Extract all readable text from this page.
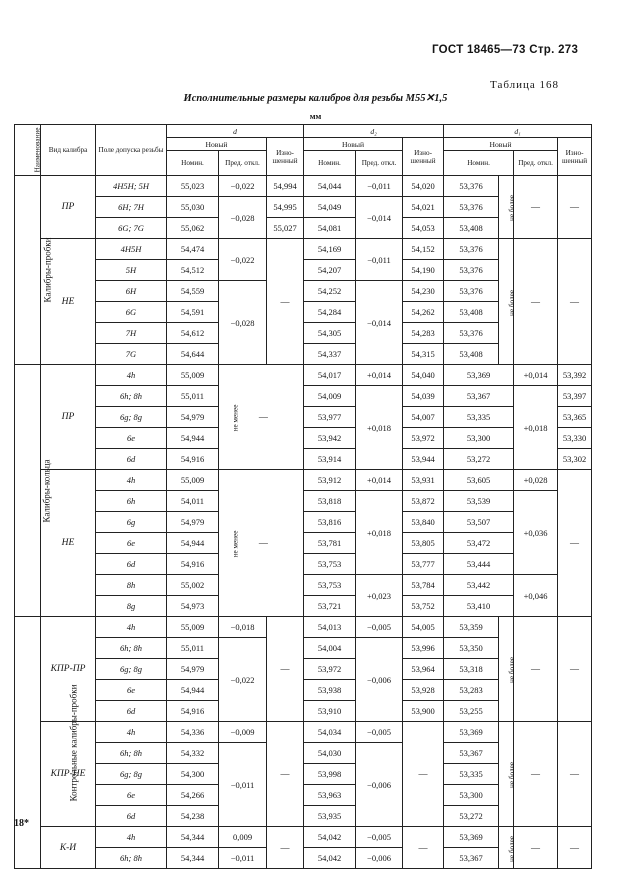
ГОСТ 18465—73 Стр. 273
Таблица 168
Исполнительные размеры калибров для резьбы М55✕1,5
мм
Наименование	Вид калибра	Поле допуска резьбы	d			d₂			d₁			
			Новый		Изно-шенный	Новый		Изно-шенный	Новый			Изно-шенный
			Номин.	Пред. откл.		Номин.	Пред. откл.		Номин.		Пред. откл.	
Калибры-пробки	ПР	4H5H; 5H	55,023	−0,022	54,994	54,044	−0,011	54,020	53,376	не более	—	—
		6H; 7H	55,030	−0,028	54,995	54,049	−0,014	54,021	53,376			
		6G; 7G	55,062		55,027	54,081		54,053	53,408			
	НЕ	4H5H	54,474	−0,022	—	54,169	−0,011	54,152	53,376	не более	—	—
		5H	54,512			54,207		54,190	53,376			
		6H	54,559	−0,028		54,252	−0,014	54,230	53,376			
		6G	54,591			54,284		54,262	53,408			
		7H	54,612			54,305		54,283	53,376			
		7G	54,644			54,337		54,315	53,408			
Калибры-кольца	ПР	4h	55,009	не менее —		54,017	+0,014	54,040	53,369		+0,014	53,392
		6h; 8h	55,011			54,009	+0,018	54,039	53,367		+0,018	53,397
		6g; 8g	54,979			53,977		54,007	53,335			53,365
		6e	54,944			53,942		53,972	53,300			53,330
		6d	54,916			53,914		53,944	53,272			53,302
	НЕ	4h	55,009	не менее —		53,912	+0,014	53,931	53,605		+0,028	—
		6h	54,011			53,818	+0,018	53,872	53,539		+0,036	
		6g	54,979			53,816		53,840	53,507			
		6e	54,944			53,781		53,805	53,472			
		6d	54,916			53,753		53,777	53,444			
		8h	55,002			53,753	+0,023	53,784	53,442		+0,046	
		8g	54,973			53,721		53,752	53,410			
Контрольные калибры-пробки	КПР-ПР	4h	55,009	−0,018	—	54,013	−0,005	54,005	53,359	не более	—	—
		6h; 8h	55,011	−0,022		54,004	−0,006	53,996	53,350			
		6g; 8g	54,979			53,972		53,964	53,318			
		6e	54,944			53,938		53,928	53,283			
		6d	54,916			53,910		53,900	53,255			
	КПР-НЕ	4h	54,336	−0,009	—	54,034	−0,005	—	53,369	не более	—	—
		6h; 8h	54,332	−0,011		54,030	−0,006		53,367			
		6g; 8g	54,300			53,998			53,335			
		6e	54,266			53,963			53,300			
		6d	54,238			53,935			53,272			
	К-И	4h	54,344	0,009	—	54,042	−0,005	—	53,369	не более	—	—
		6h; 8h	54,344	−0,011		54,042	−0,006		53,367			
18*
